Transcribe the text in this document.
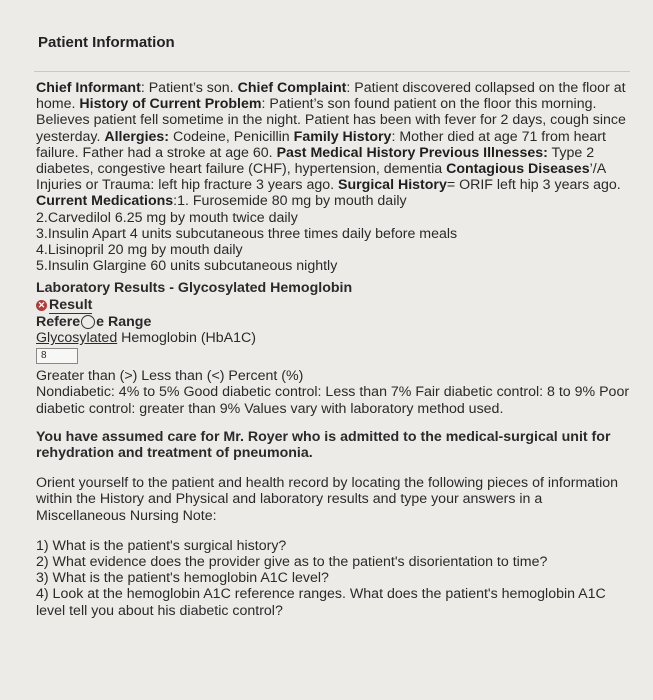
Patient Information

Chief Informant: Patient’s son. Chief Complaint: Patient discovered collapsed on the floor at home. History of Current Problem: Patient’s son found patient on the floor this morning. Believes patient fell sometime in the night. Patient has been with fever for 2 days, cough since yesterday. Allergies: Codeine, Penicillin Family History: Mother died at age 71 from heart failure. Father had a stroke at age 60. Past Medical History Previous Illnesses: Type 2 diabetes, congestive heart failure (CHF), hypertension, dementia Contagious Diseases’/A Injuries or Trauma: left hip fracture 3 years ago. Surgical History= ORIF left hip 3 years ago. Current Medications:1. Furosemide 80 mg by mouth daily

2.Carvedilol 6.25 mg by mouth twice daily
3.Insulin Apart 4 units subcutaneous three times daily before meals
4.Lisinopril 20 mg by mouth daily
5.Insulin Glargine 60 units subcutaneous nightly
Laboratory Results - Glycosylated Hemoglobin
✕ Result
Refere e Range
Glycosylated Hemoglobin (HbA1C)
8
Greater than (>) Less than (<) Percent (%)
Nondiabetic: 4% to 5% Good diabetic control: Less than 7% Fair diabetic control: 8 to 9% Poor diabetic control: greater than 9% Values vary with laboratory method used.
You have assumed care for Mr. Royer who is admitted to the medical-surgical unit for rehydration and treatment of pneumonia.
Orient yourself to the patient and health record by locating the following pieces of information within the History and Physical and laboratory results and type your answers in a Miscellaneous Nursing Note:

1) What is the patient's surgical history?

2) What evidence does the provider give as to the patient's disorientation to time?

3) What is the patient's hemoglobin A1C level?

4) Look at the hemoglobin A1C reference ranges. What does the patient's hemoglobin A1C level tell you about his diabetic control?
